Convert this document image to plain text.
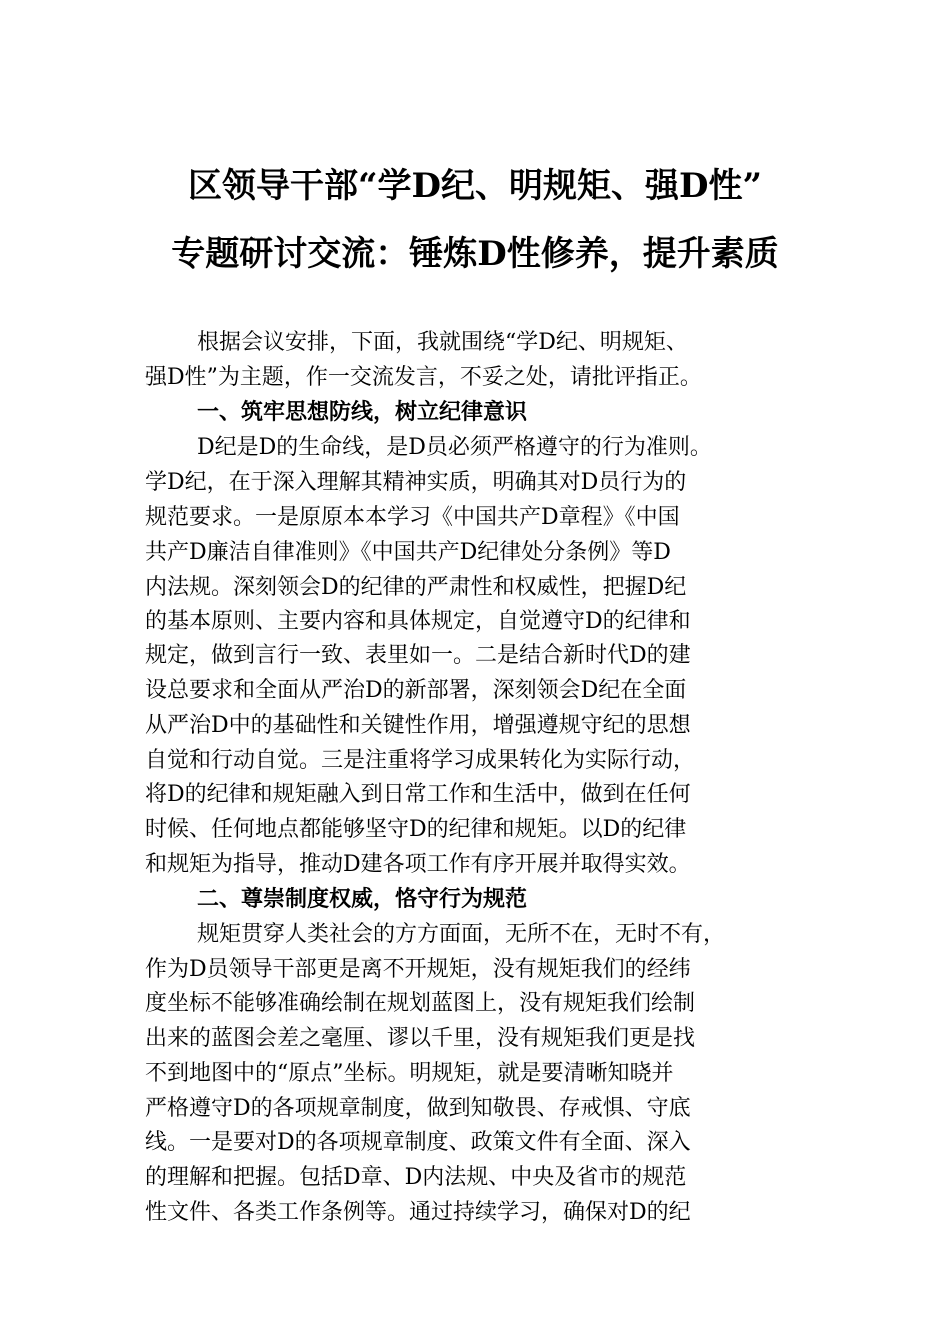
区领导干部“学D纪、明规矩、强D性”
专题研讨交流：锤炼D性修养，提升素质
根据会议安排，下面，我就围绕“学D纪、明规矩、
强D性”为主题，作一交流发言，不妥之处，请批评指正。
一、筑牢思想防线，树立纪律意识
D纪是D的生命线，是D员必须严格遵守的行为准则。
学D纪，在于深入理解其精神实质，明确其对D员行为的
规范要求。一是原原本本学习《中国共产D章程》《中国
共产D廉洁自律准则》《中国共产D纪律处分条例》等D
内法规。深刻领会D的纪律的严肃性和权威性，把握D纪
的基本原则、主要内容和具体规定，自觉遵守D的纪律和
规定，做到言行一致、表里如一。二是结合新时代D的建
设总要求和全面从严治D的新部署，深刻领会D纪在全面
从严治D中的基础性和关键性作用，增强遵规守纪的思想
自觉和行动自觉。三是注重将学习成果转化为实际行动，
将D的纪律和规矩融入到日常工作和生活中，做到在任何
时候、任何地点都能够坚守D的纪律和规矩。以D的纪律
和规矩为指导，推动D建各项工作有序开展并取得实效。
二、尊崇制度权威，恪守行为规范
规矩贯穿人类社会的方方面面，无所不在，无时不有，
作为D员领导干部更是离不开规矩，没有规矩我们的经纬
度坐标不能够准确绘制在规划蓝图上，没有规矩我们绘制
出来的蓝图会差之毫厘、谬以千里，没有规矩我们更是找
不到地图中的“原点”坐标。明规矩，就是要清晰知晓并
严格遵守D的各项规章制度，做到知敬畏、存戒惧、守底
线。一是要对D的各项规章制度、政策文件有全面、深入
的理解和把握。包括D章、D内法规、中央及省市的规范
性文件、各类工作条例等。通过持续学习，确保对D的纪
